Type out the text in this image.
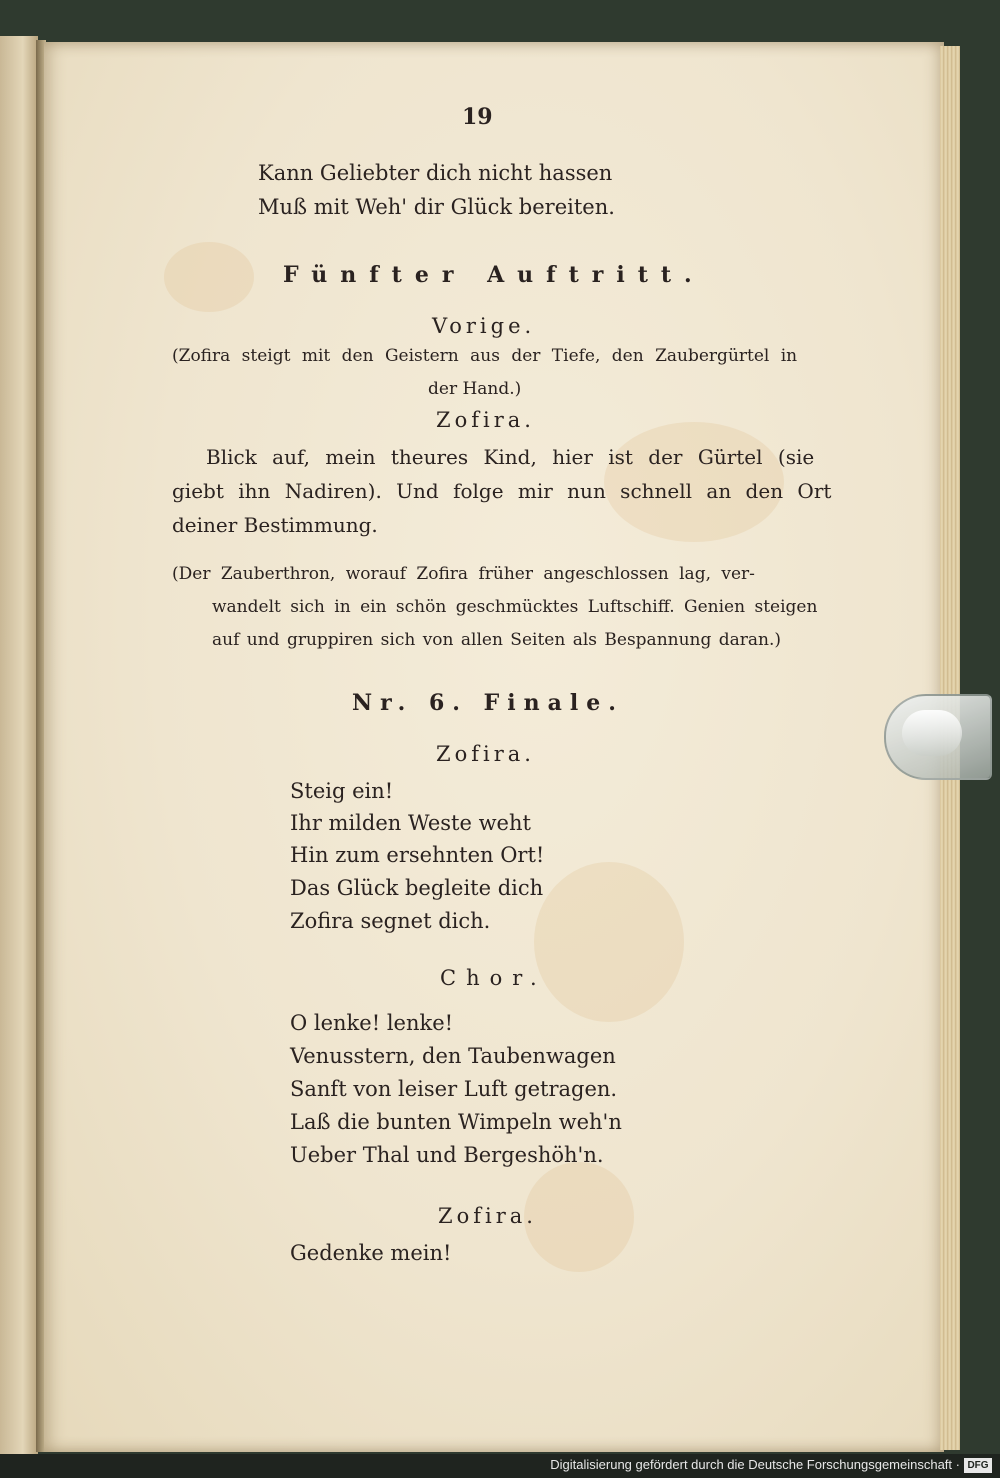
19
Kann Geliebter dich nicht hassen
Muß mit Weh' dir Glück bereiten.
Fünfter Auftritt.
Vorige.
(Zofira steigt mit den Geistern aus der Tiefe, den Zaubergürtel in
der Hand.)
Zofira.
Blick auf, mein theures Kind, hier ist der Gürtel (sie
giebt ihn Nadiren). Und folge mir nun schnell an den Ort
deiner Bestimmung.
(Der Zauberthron, worauf Zofira früher angeschlossen lag, ver-
wandelt sich in ein schön geschmücktes Luftschiff. Genien steigen
auf und gruppiren sich von allen Seiten als Bespannung daran.)
Nr. 6. Finale.
Zofira.
Steig ein!
Ihr milden Weste weht
Hin zum ersehnten Ort!
Das Glück begleite dich
Zofira segnet dich.
Chor.
O lenke! lenke!
Venusstern, den Taubenwagen
Sanft von leiser Luft getragen.
Laß die bunten Wimpeln weh'n
Ueber Thal und Bergeshöh'n.
Zofira.
Gedenke mein!
Digitalisierung gefördert durch die Deutsche Forschungsgemeinschaft · DFG
